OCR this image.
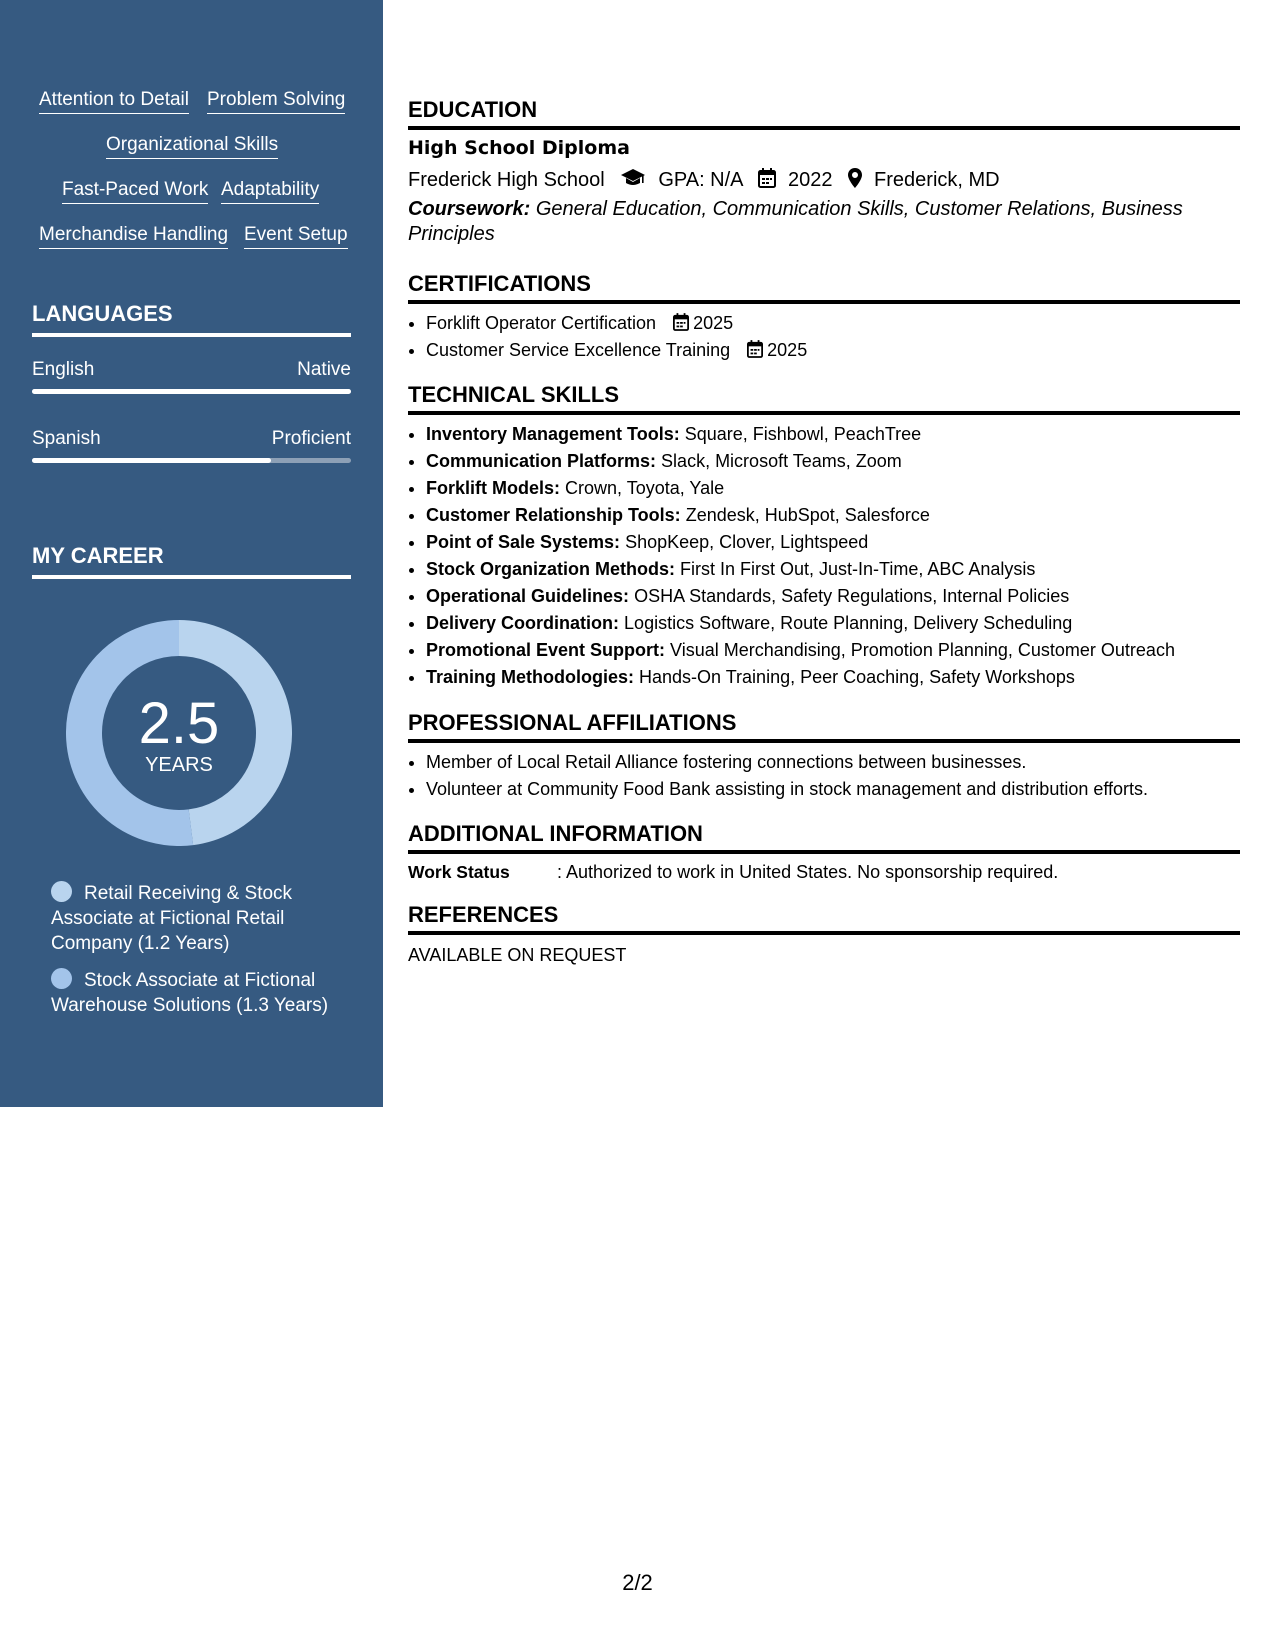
Attention to Detail Problem Solving
Organizational Skills
Fast-Paced Work Adaptability
Merchandise Handling Event Setup
LANGUAGES
English	Native
Spanish	Proficient
MY CAREER
2.5
YEARS
Retail Receiving & Stock Associate at Fictional Retail Company (1.2 Years)
Stock Associate at Fictional Warehouse Solutions (1.3 Years)
EDUCATION
High School Diploma
Frederick High School	GPA: N/A 2022 Frederick, MD
Coursework: General Education, Communication Skills, Customer Relations, Business Principles
CERTIFICATIONS
• Forklift Operator Certification 2025
• Customer Service Excellence Training 2025
TECHNICAL SKILLS
• Inventory Management Tools: Square, Fishbowl, PeachTree
• Communication Platforms: Slack, Microsoft Teams, Zoom
• Forklift Models: Crown, Toyota, Yale
• Customer Relationship Tools: Zendesk, HubSpot, Salesforce
• Point of Sale Systems: ShopKeep, Clover, Lightspeed
• Stock Organization Methods: First In First Out, Just-In-Time, ABC Analysis
• Operational Guidelines: OSHA Standards, Safety Regulations, Internal Policies
• Delivery Coordination: Logistics Software, Route Planning, Delivery Scheduling
• Promotional Event Support: Visual Merchandising, Promotion Planning, Customer Outreach
• Training Methodologies: Hands-On Training, Peer Coaching, Safety Workshops
PROFESSIONAL AFFILIATIONS
• Member of Local Retail Alliance fostering connections between businesses.
• Volunteer at Community Food Bank assisting in stock management and distribution efforts.
ADDITIONAL INFORMATION
Work Status	: Authorized to work in United States. No sponsorship required.
REFERENCES
AVAILABLE ON REQUEST
2/2
